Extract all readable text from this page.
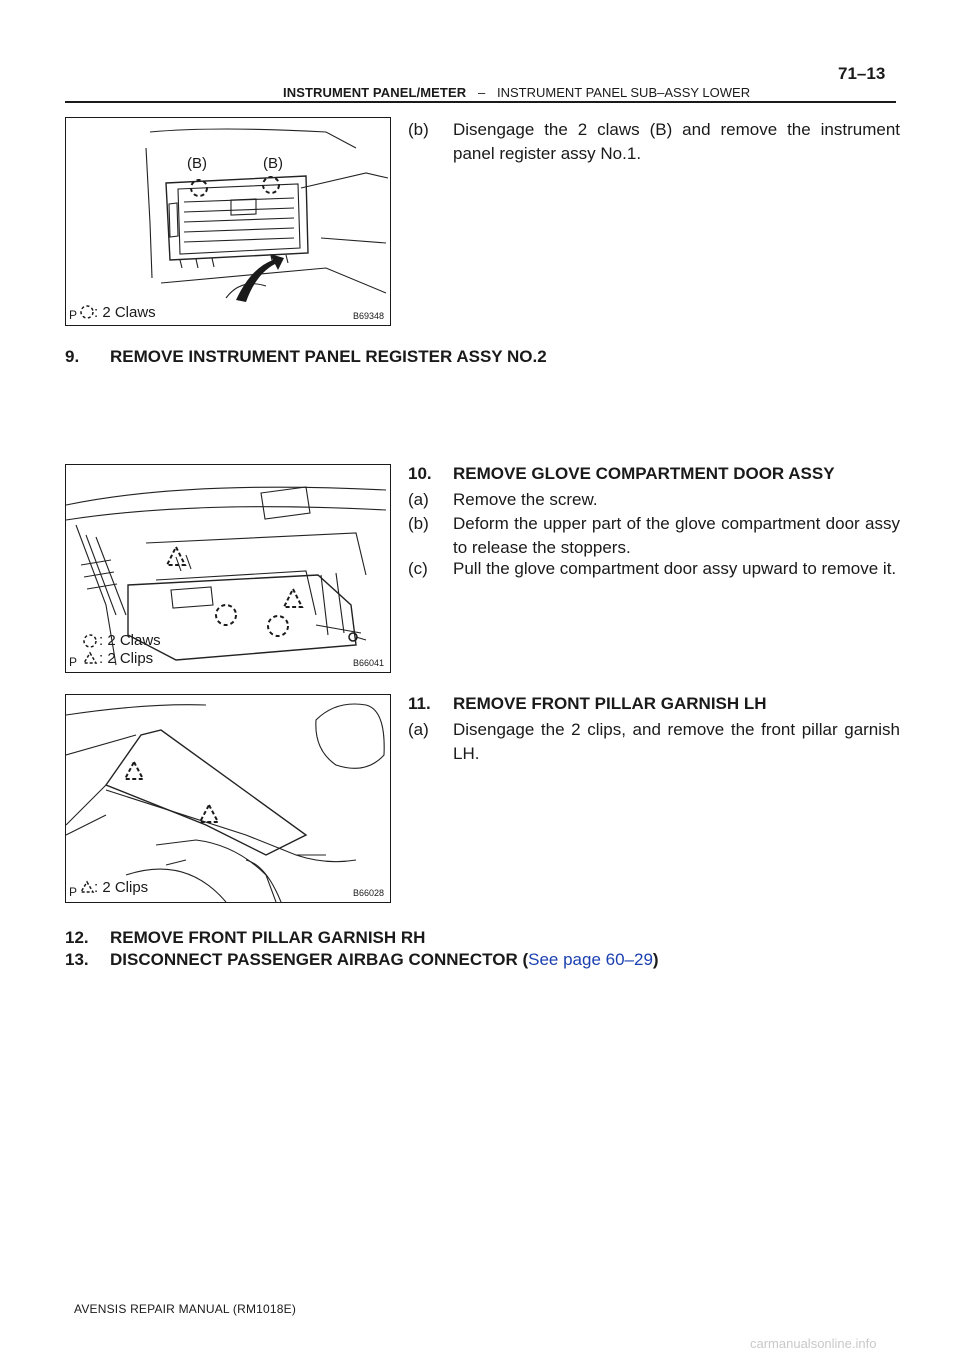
INSTRUMENT PANEL/METER – INSTRUMENT PANEL SUB–ASSY LOWER
71–13
(B)	(B)
P : 2 Claws	B69348
(b) Disengage the 2 claws (B) and remove the instrument panel register assy No.1.
9. REMOVE INSTRUMENT PANEL REGISTER ASSY NO.2
P
: 2 Claws
: 2 Clips	B66041
10. REMOVE GLOVE COMPARTMENT DOOR ASSY
(a) Remove the screw.
(b) Deform the upper part of the glove compartment door assy to release the stoppers.
(c) Pull the glove compartment door assy upward to remove it.
P : 2 Clips	B66028
11. REMOVE FRONT PILLAR GARNISH LH
(a) Disengage the 2 clips, and remove the front pillar garnish LH.
12. REMOVE FRONT PILLAR GARNISH RH
13. DISCONNECT PASSENGER AIRBAG CONNECTOR (See page 60–29)
AVENSIS REPAIR MANUAL (RM1018E)
carmanualsonline.info
